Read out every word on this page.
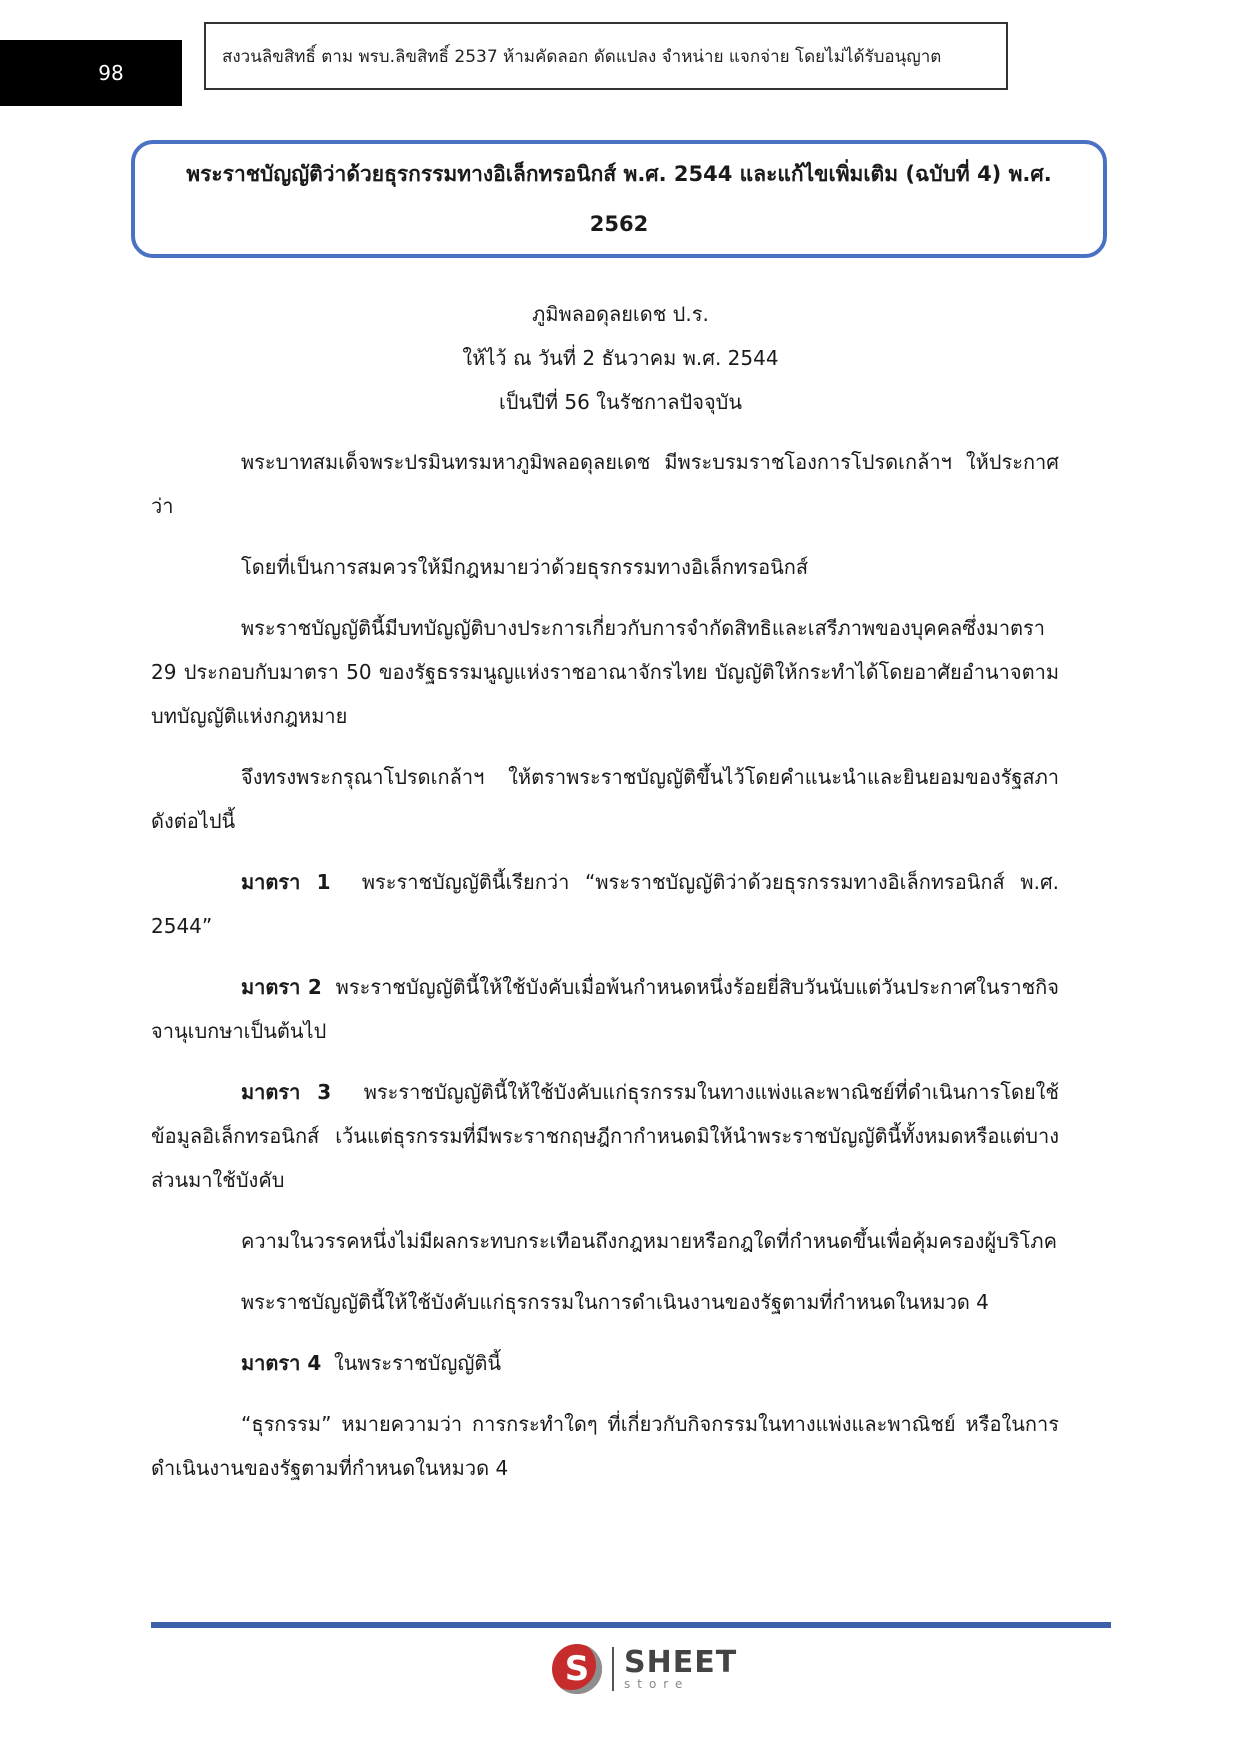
98
สงวนลิขสิทธิ์ ตาม พรบ.ลิขสิทธิ์ 2537 ห้ามคัดลอก ดัดแปลง จำหน่าย แจกจ่าย โดยไม่ได้รับอนุญาต
พระราชบัญญัติว่าด้วยธุรกรรมทางอิเล็กทรอนิกส์ พ.ศ. 2544 และแก้ไขเพิ่มเติม (ฉบับที่ 4) พ.ศ. 2562
ภูมิพลอดุลยเดช ป.ร.
ให้ไว้ ณ วันที่ 2 ธันวาคม พ.ศ. 2544
เป็นปีที่ 56 ในรัชกาลปัจจุบัน

พระบาทสมเด็จพระปรมินทรมหาภูมิพลอดุลยเดช มีพระบรมราชโองการโปรดเกล้าฯ ให้ประกาศว่า

โดยที่เป็นการสมควรให้มีกฎหมายว่าด้วยธุรกรรมทางอิเล็กทรอนิกส์

พระราชบัญญัตินี้มีบทบัญญัติบางประการเกี่ยวกับการจำกัดสิทธิและเสรีภาพของบุคคลซึ่งมาตรา 29 ประกอบกับมาตรา 50 ของรัฐธรรมนูญแห่งราชอาณาจักรไทย บัญญัติให้กระทำได้โดยอาศัยอำนาจตามบทบัญญัติแห่งกฎหมาย

จึงทรงพระกรุณาโปรดเกล้าฯ ให้ตราพระราชบัญญัติขึ้นไว้โดยคำแนะนำและยินยอมของรัฐสภาดังต่อไปนี้

มาตรา 1 พระราชบัญญัตินี้เรียกว่า “พระราชบัญญัติว่าด้วยธุรกรรมทางอิเล็กทรอนิกส์ พ.ศ. 2544”

มาตรา 2 พระราชบัญญัตินี้ให้ใช้บังคับเมื่อพ้นกำหนดหนึ่งร้อยยี่สิบวันนับแต่วันประกาศในราชกิจจานุเบกษาเป็นต้นไป

มาตรา 3 พระราชบัญญัตินี้ให้ใช้บังคับแก่ธุรกรรมในทางแพ่งและพาณิชย์ที่ดำเนินการโดยใช้ข้อมูลอิเล็กทรอนิกส์ เว้นแต่ธุรกรรมที่มีพระราชกฤษฎีกากำหนดมิให้นำพระราชบัญญัตินี้ทั้งหมดหรือแต่บางส่วนมาใช้บังคับ

ความในวรรคหนึ่งไม่มีผลกระทบกระเทือนถึงกฎหมายหรือกฎใดที่กำหนดขึ้นเพื่อคุ้มครองผู้บริโภค

พระราชบัญญัตินี้ให้ใช้บังคับแก่ธุรกรรมในการดำเนินงานของรัฐตามที่กำหนดในหมวด 4

มาตรา 4 ในพระราชบัญญัตินี้

“ธุรกรรม” หมายความว่า การกระทำใดๆ ที่เกี่ยวกับกิจกรรมในทางแพ่งและพาณิชย์ หรือในการดำเนินงานของรัฐตามที่กำหนดในหมวด 4

S	SHEET
store
